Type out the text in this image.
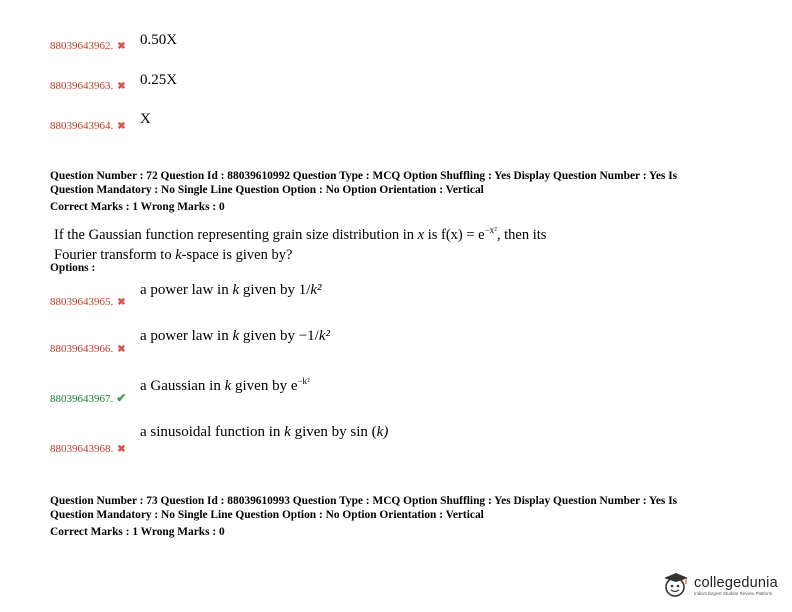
88039643962. ✖ 0.50X
88039643963. ✖ 0.25X
88039643964. ✖ X
Question Number : 72 Question Id : 88039610992 Question Type : MCQ Option Shuffling : Yes Display Question Number : Yes Is
Question Mandatory : No Single Line Question Option : No Option Orientation : Vertical
Correct Marks : 1 Wrong Marks : 0
If the Gaussian function representing grain size distribution in x is $f(x) = e^{-x^2}$, then its
Fourier transform to k-space is given by?
Options :
a power law in k given by 1/k²
88039643965. ✖
a power law in k given by −1/k²
88039643966. ✖
a Gaussian in k given by $e^{-k^2}$
88039643967. ✔
a sinusoidal function in k given by sin (k)
88039643968. ✖
Question Number : 73 Question Id : 88039610993 Question Type : MCQ Option Shuffling : Yes Display Question Number : Yes Is
Question Mandatory : No Single Line Question Option : No Option Orientation : Vertical
Correct Marks : 1 Wrong Marks : 0
collegedunia
India's largest Student Review Platform
